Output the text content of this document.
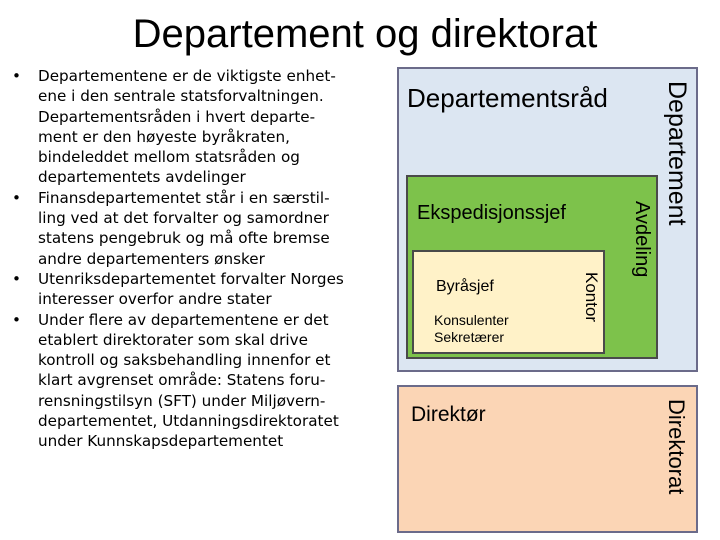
Departement og direktorat
• Departementene er de viktigste enhet-
ene i den sentrale statsforvaltningen.
Departementsråden i hvert departe-
ment er den høyeste byråkraten,
bindeleddet mellom statsråden og
departementets avdelinger
• Finansdepartementet står i en særstil-
ling ved at det forvalter og samordner
statens pengebruk og må ofte bremse
andre departementers ønsker
• Utenriksdepartementet forvalter Norges
interesser overfor andre stater
• Under flere av departementene er det
etablert direktorater som skal drive
kontroll og saksbehandling innenfor et
klart avgrenset område: Statens foru-
rensningstilsyn (SFT) under Miljøvern-
departementet, Utdanningsdirektoratet
under Kunnskapsdepartementet
Departementsråd Departement
Ekspedisjonssjef	Avdeling
Byråsjef
Konsulenter
Sekretærer
Kontor
Direktør	Direktorat
